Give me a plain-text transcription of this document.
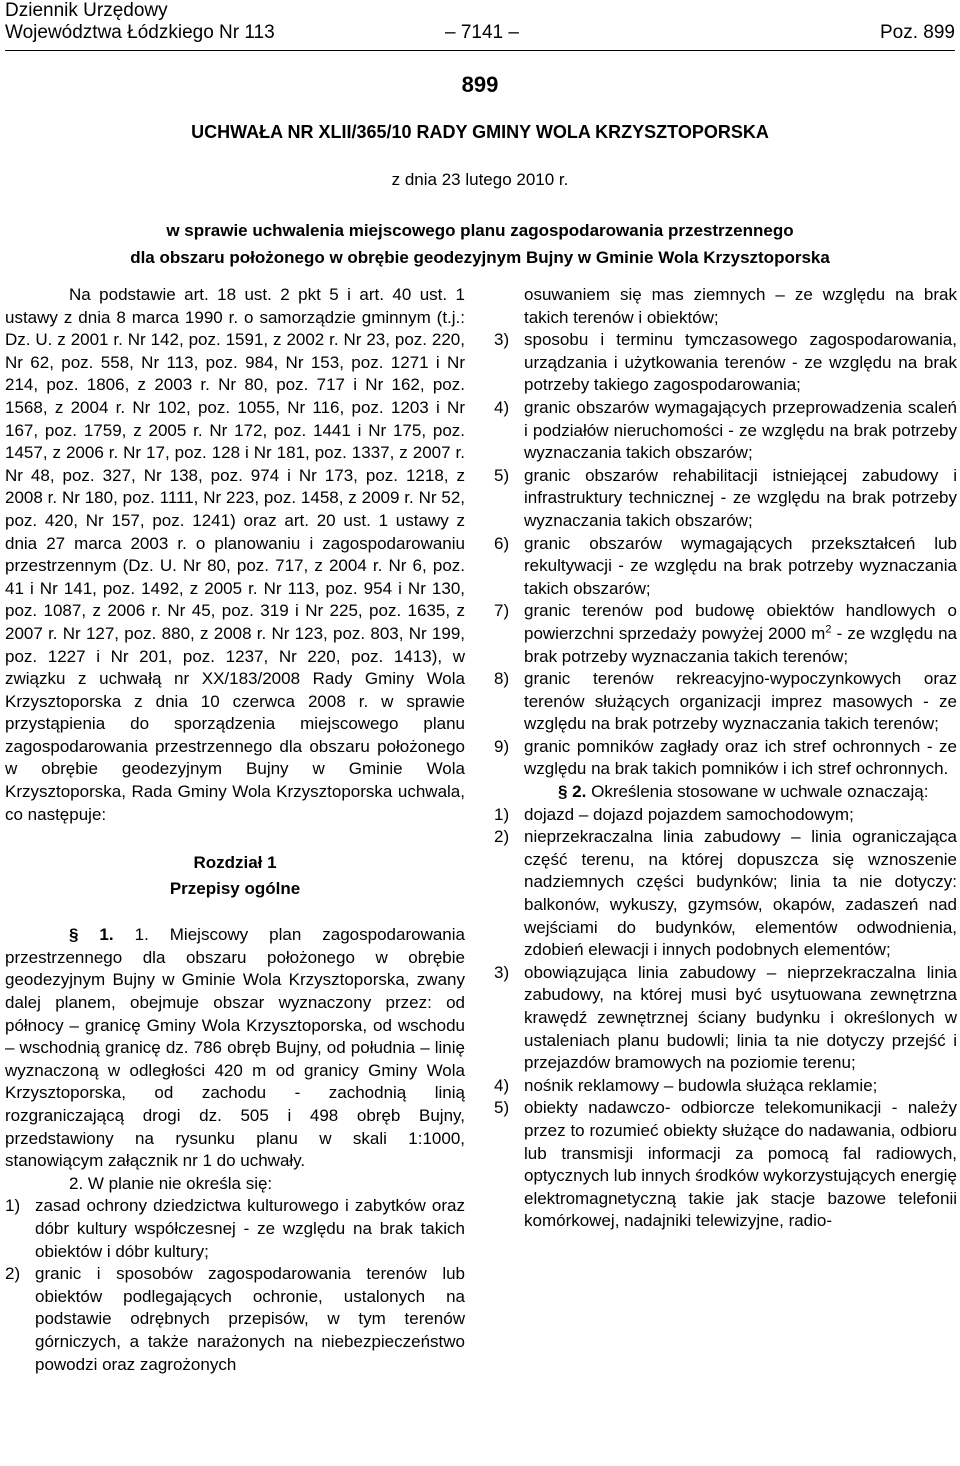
Dziennik Urzędowy
Województwa Łódzkiego Nr 113	– 7141 –	Poz. 899
899
UCHWAŁA NR XLII/365/10 RADY GMINY WOLA KRZYSZTOPORSKA
z dnia 23 lutego 2010 r.
w sprawie uchwalenia miejscowego planu zagospodarowania przestrzennego
dla obszaru położonego w obrębie geodezyjnym Bujny w Gminie Wola Krzysztoporska

Na podstawie art. 18 ust. 2 pkt 5 i art. 40 ust. 1 ustawy z dnia 8 marca 1990 r. o samorządzie gminnym (t.j.: Dz. U. z 2001 r. Nr 142, poz. 1591, z 2002 r. Nr 23, poz. 220, Nr 62, poz. 558, Nr 113, poz. 984, Nr 153, poz. 1271 i Nr 214, poz. 1806, z 2003 r. Nr 80, poz. 717 i Nr 162, poz. 1568, z 2004 r. Nr 102, poz. 1055, Nr 116, poz. 1203 i Nr 167, poz. 1759, z 2005 r. Nr 172, poz. 1441 i Nr 175, poz. 1457, z 2006 r. Nr 17, poz. 128 i Nr 181, poz. 1337, z 2007 r. Nr 48, poz. 327, Nr 138, poz. 974 i Nr 173, poz. 1218, z 2008 r. Nr 180, poz. 1111, Nr 223, poz. 1458, z 2009 r. Nr 52, poz. 420, Nr 157, poz. 1241) oraz art. 20 ust. 1 ustawy z dnia 27 marca 2003 r. o planowaniu i zagospodarowaniu przestrzennym (Dz. U. Nr 80, poz. 717, z 2004 r. Nr 6, poz. 41 i Nr 141, poz. 1492, z 2005 r. Nr 113, poz. 954 i Nr 130, poz. 1087, z 2006 r. Nr 45, poz. 319 i Nr 225, poz. 1635, z 2007 r. Nr 127, poz. 880, z 2008 r. Nr 123, poz. 803, Nr 199, poz. 1227 i Nr 201, poz. 1237, Nr 220, poz. 1413), w związku z uchwałą nr XX/183/2008 Rady Gminy Wola Krzysztoporska z dnia 10 czerwca 2008 r. w sprawie przystąpienia do sporządzenia miejscowego planu zagospodarowania przestrzennego dla obszaru położonego w obrębie geodezyjnym Bujny w Gminie Wola Krzysztoporska, Rada Gminy Wola Krzysztoporska uchwala, co następuje:

Rozdział 1
Przepisy ogólne

§ 1. 1. Miejscowy plan zagospodarowania przestrzennego dla obszaru położonego w obrębie geodezyjnym Bujny w Gminie Wola Krzysztoporska, zwany dalej planem, obejmuje obszar wyznaczony przez: od północy – granicę Gminy Wola Krzysztoporska, od wschodu – wschodnią granicę dz. 786 obręb Bujny, od południa – linię wyznaczoną w odległości 420 m od granicy Gminy Wola Krzysztoporska, od zachodu - zachodnią linią rozgraniczającą drogi dz. 505 i 498 obręb Bujny, przedstawiony na rysunku planu w skali 1:1000, stanowiącym załącznik nr 1 do uchwały.

2. W planie nie określa się:

1) zasad ochrony dziedzictwa kulturowego i zabytków oraz dóbr kultury współczesnej - ze względu na brak takich obiektów i dóbr kultury;
2) granic i sposobów zagospodarowania terenów lub obiektów podlegających ochronie, ustalonych na podstawie odrębnych przepisów, w tym terenów górniczych, a także narażonych na niebezpieczeństwo powodzi oraz zagrożonych
osuwaniem się mas ziemnych – ze względu na brak takich terenów i obiektów;
3) sposobu i terminu tymczasowego zagospodarowania, urządzania i użytkowania terenów - ze względu na brak potrzeby takiego zagospodarowania;
4) granic obszarów wymagających przeprowadzenia scaleń i podziałów nieruchomości - ze względu na brak potrzeby wyznaczania takich obszarów;
5) granic obszarów rehabilitacji istniejącej zabudowy i infrastruktury technicznej - ze względu na brak potrzeby wyznaczania takich obszarów;
6) granic obszarów wymagających przekształceń lub rekultywacji - ze względu na brak potrzeby wyznaczania takich obszarów;
7) granic terenów pod budowę obiektów handlowych o powierzchni sprzedaży powyżej 2000 $m^2$ - ze względu na brak potrzeby wyznaczania takich terenów;
8) granic terenów rekreacyjno-wypoczynkowych oraz terenów służących organizacji imprez masowych - ze względu na brak potrzeby wyznaczania takich terenów;
9) granic pomników zagłady oraz ich stref ochronnych - ze względu na brak takich pomników i ich stref ochronnych.

§ 2. Określenia stosowane w uchwale oznaczają:

1) dojazd – dojazd pojazdem samochodowym;
2) nieprzekraczalna linia zabudowy – linia ograniczająca część terenu, na której dopuszcza się wznoszenie nadziemnych części budynków; linia ta nie dotyczy: balkonów, wykuszy, gzymsów, okapów, zadaszeń nad wejściami do budynków, elementów odwodnienia, zdobień elewacji i innych podobnych elementów;
3) obowiązująca linia zabudowy – nieprzekraczalna linia zabudowy, na której musi być usytuowana zewnętrzna krawędź zewnętrznej ściany budynku i określonych w ustaleniach planu budowli; linia ta nie dotyczy przejść i przejazdów bramowych na poziomie terenu;
4) nośnik reklamowy – budowla służąca reklamie;
5) obiekty nadawczo- odbiorcze telekomunikacji - należy przez to rozumieć obiekty służące do nadawania, odbioru lub transmisji informacji za pomocą fal radiowych, optycznych lub innych środków wykorzystujących energię elektromagnetyczną takie jak stacje bazowe telefonii komórkowej, nadajniki telewizyjne, radio-
